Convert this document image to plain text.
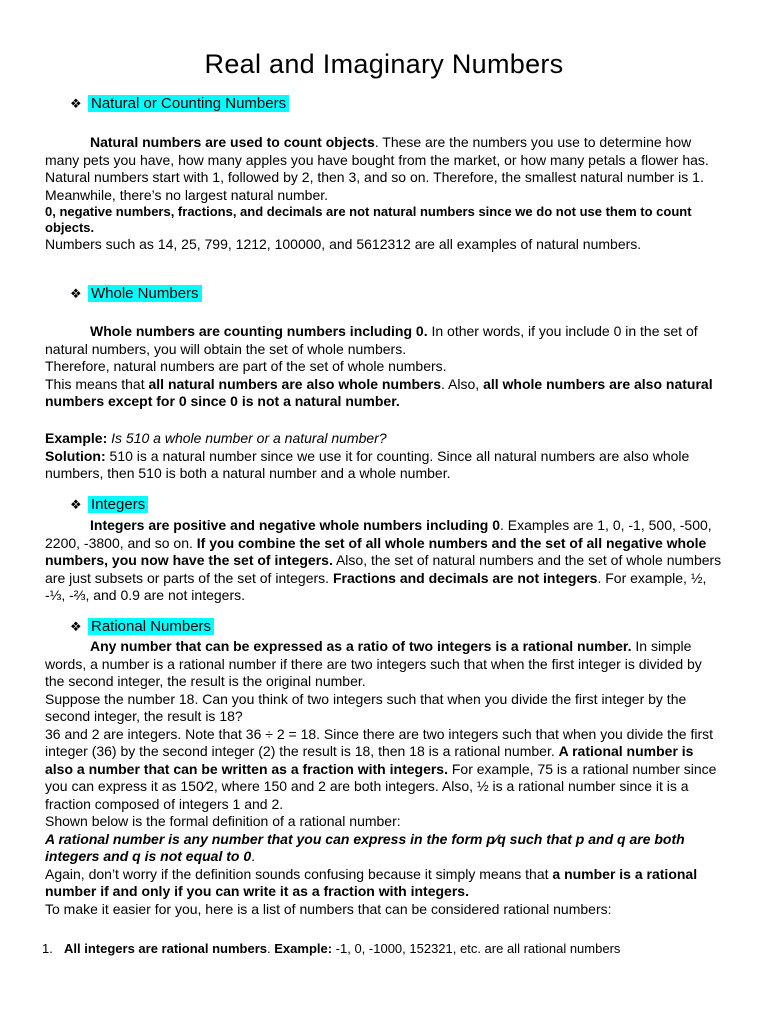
Real and Imaginary Numbers
❖ Natural or Counting Numbers

Natural numbers are used to count objects. These are the numbers you use to determine how many pets you have, how many apples you have bought from the market, or how many petals a flower has.

Natural numbers start with 1, followed by 2, then 3, and so on. Therefore, the smallest natural number is 1. Meanwhile, there’s no largest natural number.

0, negative numbers, fractions, and decimals are not natural numbers since we do not use them to count objects.

Numbers such as 14, 25, 799, 1212, 100000, and 5612312 are all examples of natural numbers.

❖ Whole Numbers

Whole numbers are counting numbers including 0. In other words, if you include 0 in the set of natural numbers, you will obtain the set of whole numbers.

Therefore, natural numbers are part of the set of whole numbers.

This means that all natural numbers are also whole numbers. Also, all whole numbers are also natural numbers except for 0 since 0 is not a natural number.

Example: Is 510 a whole number or a natural number?

Solution: 510 is a natural number since we use it for counting. Since all natural numbers are also whole numbers, then 510 is both a natural number and a whole number.

❖ Integers

Integers are positive and negative whole numbers including 0. Examples are 1, 0, -1, 500, -500, 2200, -3800, and so on. If you combine the set of all whole numbers and the set of all negative whole numbers, you now have the set of integers. Also, the set of natural numbers and the set of whole numbers are just subsets or parts of the set of integers. Fractions and decimals are not integers. For example, ½, -⅓, -⅔, and 0.9 are not integers.

❖ Rational Numbers

Any number that can be expressed as a ratio of two integers is a rational number. In simple words, a number is a rational number if there are two integers such that when the first integer is divided by the second integer, the result is the original number.

Suppose the number 18. Can you think of two integers such that when you divide the first integer by the second integer, the result is 18?

36 and 2 are integers. Note that 36 ÷ 2 = 18. Since there are two integers such that when you divide the first integer (36) by the second integer (2) the result is 18, then 18 is a rational number. A rational number is also a number that can be written as a fraction with integers. For example, 75 is a rational number since you can express it as 150⁄2, where 150 and 2 are both integers. Also, ½ is a rational number since it is a fraction composed of integers 1 and 2.

Shown below is the formal definition of a rational number:

A rational number is any number that you can express in the form p⁄q such that p and q are both integers and q is not equal to 0.

Again, don’t worry if the definition sounds confusing because it simply means that a number is a rational number if and only if you can write it as a fraction with integers.

To make it easier for you, here is a list of numbers that can be considered rational numbers:

1. All integers are rational numbers. Example: -1, 0, -1000, 152321, etc. are all rational numbers
